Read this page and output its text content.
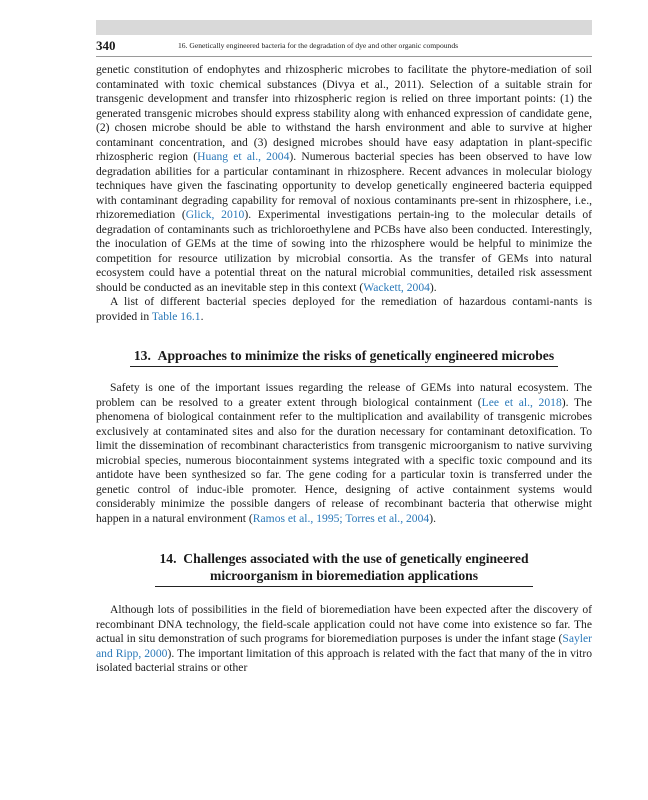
340	16. Genetically engineered bacteria for the degradation of dye and other organic compounds

genetic constitution of endophytes and rhizospheric microbes to facilitate the phytore-mediation of soil contaminated with toxic chemical substances (Divya et al., 2011). Selection of a suitable strain for transgenic development and transfer into rhizospheric region is relied on three important points: (1) the generated transgenic microbes should express stability along with enhanced expression of candidate gene, (2) chosen microbe should be able to withstand the harsh environment and able to survive at higher contaminant concentration, and (3) designed microbes should have easy adaptation in plant-specific rhizospheric region (Huang et al., 2004). Numerous bacterial species has been observed to have low degradation abilities for a particular contaminant in rhizosphere. Recent advances in molecular biology techniques have given the fascinating opportunity to develop genetically engineered bacteria equipped with contaminant degrading capability for removal of noxious contaminants pre-sent in rhizosphere, i.e., rhizoremediation (Glick, 2010). Experimental investigations pertain-ing to the molecular details of degradation of contaminants such as trichloroethylene and PCBs have also been conducted. Interestingly, the inoculation of GEMs at the time of sowing into the rhizosphere would be helpful to minimize the competition for resource utilization by microbial consortia. As the transfer of GEMs into natural ecosystem could have a potential threat on the natural microbial communities, detailed risk assessment should be conducted as an inevitable step in this context (Wackett, 2004).

A list of different bacterial species deployed for the remediation of hazardous contami-nants is provided in Table 16.1.

13. Approaches to minimize the risks of genetically engineered microbes

Safety is one of the important issues regarding the release of GEMs into natural ecosystem. The problem can be resolved to a greater extent through biological containment (Lee et al., 2018). The phenomena of biological containment refer to the multiplication and availability of transgenic microbes exclusively at contaminated sites and also for the duration necessary for contaminant detoxification. To limit the dissemination of recombinant characteristics from transgenic microorganism to native surviving microbial species, numerous biocontainment systems integrated with a specific toxic compound and its antidote have been synthesized so far. The gene coding for a particular toxin is transferred under the genetic control of induc-ible promoter. Hence, designing of active containment systems would considerably minimize the possible dangers of release of recombinant bacteria that otherwise might happen in a natural environment (Ramos et al., 1995; Torres et al., 2004).

14. Challenges associated with the use of genetically engineered
microorganism in bioremediation applications

Although lots of possibilities in the field of bioremediation have been expected after the discovery of recombinant DNA technology, the field-scale application could not have come into existence so far. The actual in situ demonstration of such programs for bioremediation purposes is under the infant stage (Sayler and Ripp, 2000). The important limitation of this approach is related with the fact that many of the in vitro isolated bacterial strains or other
